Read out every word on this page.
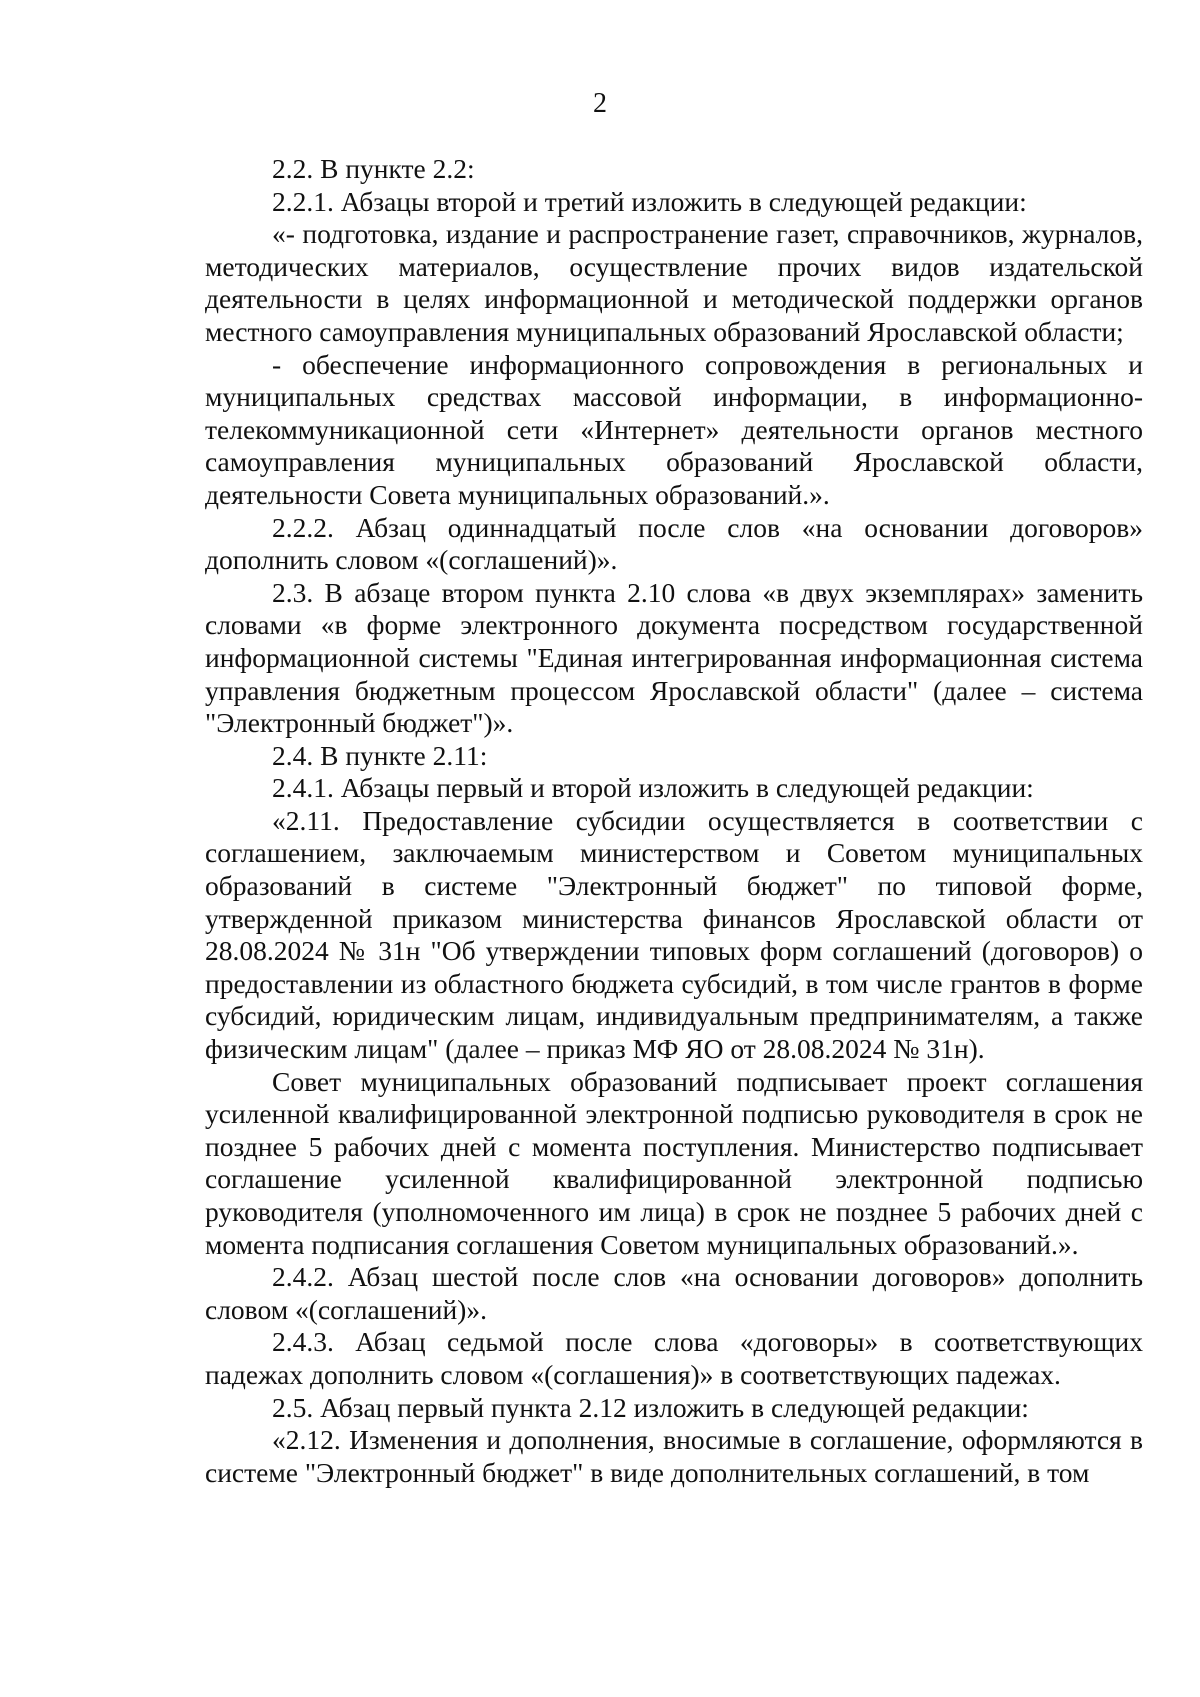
2

2.2. В пункте 2.2:

2.2.1. Абзацы второй и третий изложить в следующей редакции:

«- подготовка, издание и распространение газет, справочников, журналов, методических материалов, осуществление прочих видов издательской деятельности в целях информационной и методической поддержки органов местного самоуправления муниципальных образований Ярославской области;

- обеспечение информационного сопровождения в региональных и муниципальных средствах массовой информации, в информационно-телекоммуникационной сети «Интернет» деятельности органов местного самоуправления муниципальных образований Ярославской области, деятельности Совета муниципальных образований.».

2.2.2. Абзац одиннадцатый после слов «на основании договоров» дополнить словом «(соглашений)».

2.3. В абзаце втором пункта 2.10 слова «в двух экземплярах» заменить словами «в форме электронного документа посредством государственной информационной системы "Единая интегрированная информационная система управления бюджетным процессом Ярославской области" (далее – система "Электронный бюджет")».

2.4. В пункте 2.11:

2.4.1. Абзацы первый и второй изложить в следующей редакции:

«2.11. Предоставление субсидии осуществляется в соответствии с соглашением, заключаемым министерством и Советом муниципальных образований в системе "Электронный бюджет" по типовой форме, утвержденной приказом министерства финансов Ярославской области от 28.08.2024 № 31н "Об утверждении типовых форм соглашений (договоров) о предоставлении из областного бюджета субсидий, в том числе грантов в форме субсидий, юридическим лицам, индивидуальным предпринимателям, а также физическим лицам" (далее – приказ МФ ЯО от 28.08.2024 № 31н).

Совет муниципальных образований подписывает проект соглашения усиленной квалифицированной электронной подписью руководителя в срок не позднее 5 рабочих дней с момента поступления. Министерство подписывает соглашение усиленной квалифицированной электронной подписью руководителя (уполномоченного им лица) в срок не позднее 5 рабочих дней с момента подписания соглашения Советом муниципальных образований.».

2.4.2. Абзац шестой после слов «на основании договоров» дополнить словом «(соглашений)».

2.4.3. Абзац седьмой после слова «договоры» в соответствующих падежах дополнить словом «(соглашения)» в соответствующих падежах.

2.5. Абзац первый пункта 2.12 изложить в следующей редакции:

«2.12. Изменения и дополнения, вносимые в соглашение, оформляются в системе "Электронный бюджет" в виде дополнительных соглашений, в том
